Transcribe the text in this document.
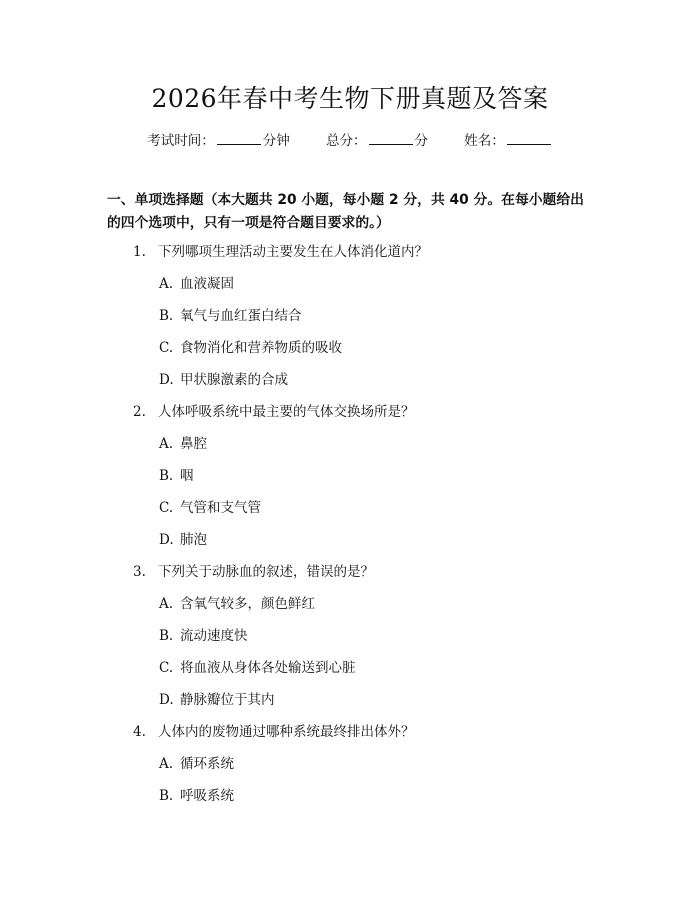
2026年春中考生物下册真题及答案
考试时间：	分钟	总分：	分	姓名：
一、单项选择题（本大题共 20 小题，每小题 2 分，共 40 分。在每小题给出的四个选项中，只有一项是符合题目要求的。）
1. 下列哪项生理活动主要发生在人体消化道内？
A. 血液凝固
B. 氧气与血红蛋白结合
C. 食物消化和营养物质的吸收
D. 甲状腺激素的合成
2. 人体呼吸系统中最主要的气体交换场所是？
A. 鼻腔
B. 咽
C. 气管和支气管
D. 肺泡
3. 下列关于动脉血的叙述，错误的是？
A. 含氧气较多，颜色鲜红
B. 流动速度快
C. 将血液从身体各处输送到心脏
D. 静脉瓣位于其内
4. 人体内的废物通过哪种系统最终排出体外？
A. 循环系统
B. 呼吸系统
